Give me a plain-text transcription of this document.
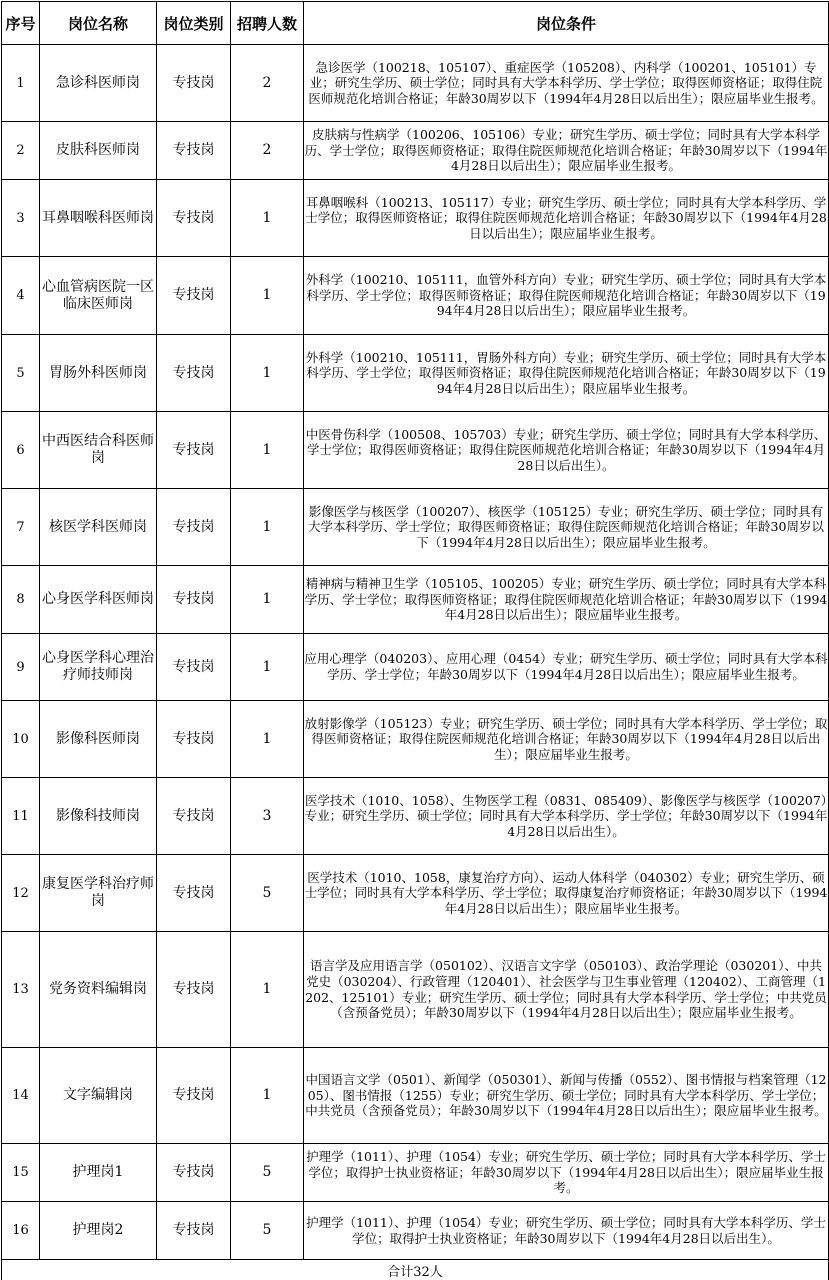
序号	岗位名称	岗位类别	招聘人数	岗位条件
1	急诊科医师岗	专技岗	2	急诊医学（100218、105107）、重症医学（105208）、内科学（100201、105101）专业；研究生学历、硕士学位；同时具有大学本科学历、学士学位；取得医师资格证；取得住院医师规范化培训合格证；年龄30周岁以下（1994年4月28日以后出生）；限应届毕业生报考。
2	皮肤科医师岗	专技岗	2	皮肤病与性病学（100206、105106）专业；研究生学历、硕士学位；同时具有大学本科学历、学士学位；取得医师资格证；取得住院医师规范化培训合格证；年龄30周岁以下（1994年4月28日以后出生）；限应届毕业生报考。
3	耳鼻咽喉科医师岗	专技岗	1	耳鼻咽喉科（100213、105117）专业；研究生学历、硕士学位；同时具有大学本科学历、学士学位；取得医师资格证；取得住院医师规范化培训合格证；年龄30周岁以下（1994年4月28日以后出生）；限应届毕业生报考。
4	心血管病医院一区临床医师岗	专技岗	1	外科学（100210、105111，血管外科方向）专业；研究生学历、硕士学位；同时具有大学本科学历、学士学位；取得医师资格证；取得住院医师规范化培训合格证；年龄30周岁以下（1994年4月28日以后出生）；限应届毕业生报考。
5	胃肠外科医师岗	专技岗	1	外科学（100210、105111，胃肠外科方向）专业；研究生学历、硕士学位；同时具有大学本科学历、学士学位；取得医师资格证；取得住院医师规范化培训合格证；年龄30周岁以下（1994年4月28日以后出生）；限应届毕业生报考。
6	中西医结合科医师岗	专技岗	1	中医骨伤科学（100508、105703）专业；研究生学历、硕士学位；同时具有大学本科学历、学士学位；取得医师资格证；取得住院医师规范化培训合格证；年龄30周岁以下（1994年4月28日以后出生）。
7	核医学科医师岗	专技岗	1	影像医学与核医学（100207）、核医学（105125）专业；研究生学历、硕士学位；同时具有大学本科学历、学士学位；取得医师资格证；取得住院医师规范化培训合格证；年龄30周岁以下（1994年4月28日以后出生）；限应届毕业生报考。
8	心身医学科医师岗	专技岗	1	精神病与精神卫生学（105105、100205）专业；研究生学历、硕士学位；同时具有大学本科学历、学士学位；取得医师资格证；取得住院医师规范化培训合格证；年龄30周岁以下（1994年4月28日以后出生）；限应届毕业生报考。
9	心身医学科心理治疗师技师岗	专技岗	1	应用心理学（040203）、应用心理（0454）专业；研究生学历、硕士学位；同时具有大学本科学历、学士学位；年龄30周岁以下（1994年4月28日以后出生）；限应届毕业生报考。
10	影像科医师岗	专技岗	1	放射影像学（105123）专业；研究生学历、硕士学位；同时具有大学本科学历、学士学位；取得医师资格证；取得住院医师规范化培训合格证；年龄30周岁以下（1994年4月28日以后出生）；限应届毕业生报考。
11	影像科技师岗	专技岗	3	医学技术（1010、1058）、生物医学工程（0831、085409）、影像医学与核医学（100207）专业；研究生学历、硕士学位；同时具有大学本科学历、学士学位；年龄30周岁以下（1994年4月28日以后出生）。
12	康复医学科治疗师岗	专技岗	5	医学技术（1010、1058，康复治疗方向）、运动人体科学（040302）专业；研究生学历、硕士学位；同时具有大学本科学历、学士学位；取得康复治疗师资格证；年龄30周岁以下（1994年4月28日以后出生）；限应届毕业生报考。
13	党务资料编辑岗	专技岗	1	语言学及应用语言学（050102）、汉语言文字学（050103）、政治学理论（030201）、中共党史（030204）、行政管理（120401）、社会医学与卫生事业管理（120402）、工商管理（1202、125101）专业；研究生学历、硕士学位；同时具有大学本科学历、学士学位；中共党员（含预备党员）；年龄30周岁以下（1994年4月28日以后出生）；限应届毕业生报考。
14	文字编辑岗	专技岗	1	中国语言文学（0501）、新闻学（050301）、新闻与传播（0552）、图书情报与档案管理（1205）、图书情报（1255）专业；研究生学历、硕士学位；同时具有大学本科学历、学士学位；中共党员（含预备党员）；年龄30周岁以下（1994年4月28日以后出生）；限应届毕业生报考。
15	护理岗1	专技岗	5	护理学（1011）、护理（1054）专业；研究生学历、硕士学位；同时具有大学本科学历、学士学位；取得护士执业资格证；年龄30周岁以下（1994年4月28日以后出生）；限应届毕业生报考。
16	护理岗2	专技岗	5	护理学（1011）、护理（1054）专业；研究生学历、硕士学位；同时具有大学本科学历、学士学位；取得护士执业资格证；年龄30周岁以下（1994年4月28日以后出生）。
合计32人				
